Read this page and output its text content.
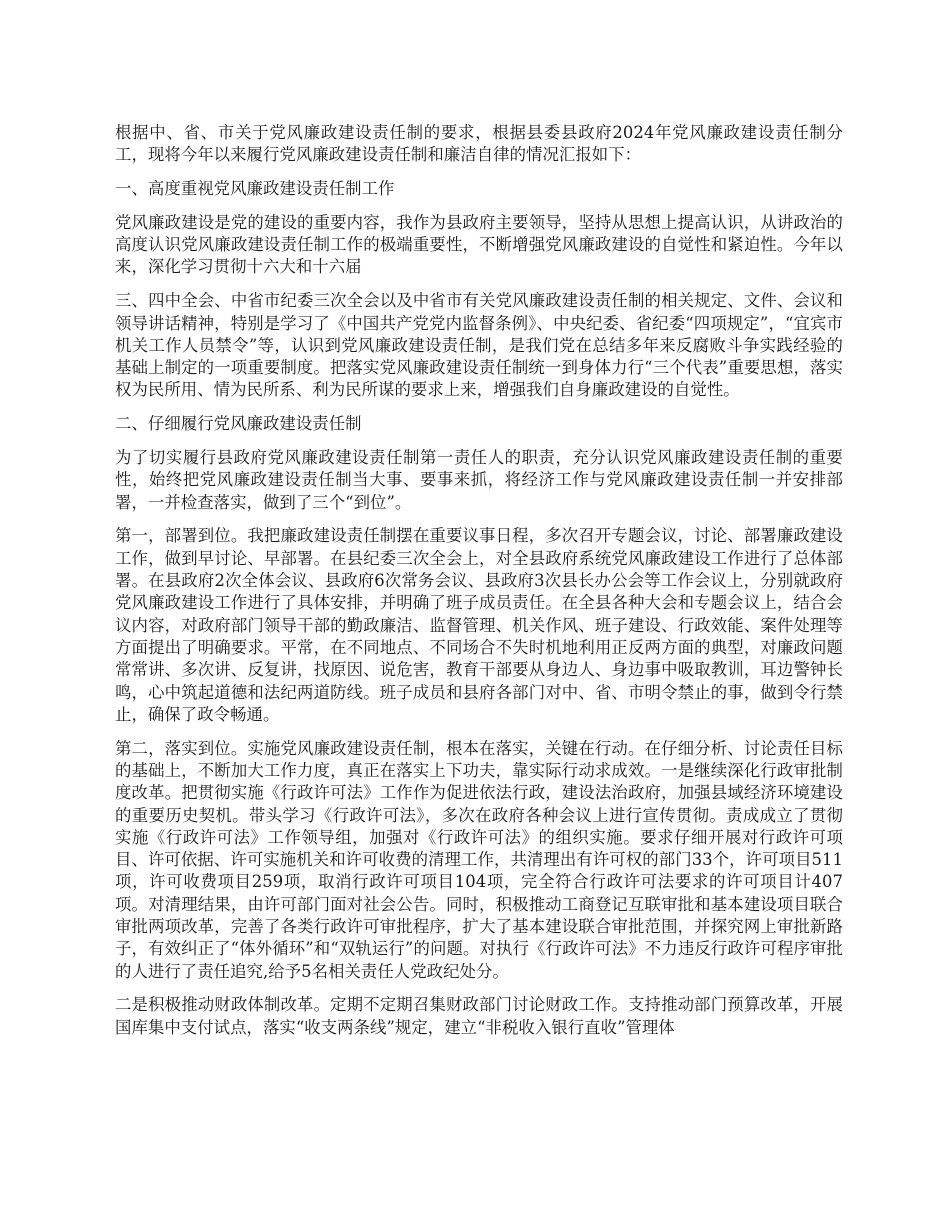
根据中、省、市关于党风廉政建设责任制的要求，根据县委县政府2024年党风廉政建设责任制分工，现将今年以来履行党风廉政建设责任制和廉洁自律的情况汇报如下：

一、高度重视党风廉政建设责任制工作

党风廉政建设是党的建设的重要内容，我作为县政府主要领导，坚持从思想上提高认识，从讲政治的高度认识党风廉政建设责任制工作的极端重要性，不断增强党风廉政建设的自觉性和紧迫性。今年以来，深化学习贯彻十六大和十六届

三、四中全会、中省市纪委三次全会以及中省市有关党风廉政建设责任制的相关规定、文件、会议和领导讲话精神，特别是学习了《中国共产党党内监督条例》、中央纪委、省纪委“四项规定”，“宜宾市机关工作人员禁令”等，认识到党风廉政建设责任制，是我们党在总结多年来反腐败斗争实践经验的基础上制定的一项重要制度。把落实党风廉政建设责任制统一到身体力行“三个代表”重要思想，落实权为民所用、情为民所系、利为民所谋的要求上来，增强我们自身廉政建设的自觉性。

二、仔细履行党风廉政建设责任制

为了切实履行县政府党风廉政建设责任制第一责任人的职责，充分认识党风廉政建设责任制的重要性，始终把党风廉政建设责任制当大事、要事来抓，将经济工作与党风廉政建设责任制一并安排部署，一并检查落实，做到了三个“到位”。

第一，部署到位。我把廉政建设责任制摆在重要议事日程，多次召开专题会议，讨论、部署廉政建设工作，做到早讨论、早部署。在县纪委三次全会上，对全县政府系统党风廉政建设工作进行了总体部署。在县政府2次全体会议、县政府6次常务会议、县政府3次县长办公会等工作会议上，分别就政府党风廉政建设工作进行了具体安排，并明确了班子成员责任。在全县各种大会和专题会议上，结合会议内容，对政府部门领导干部的勤政廉洁、监督管理、机关作风、班子建设、行政效能、案件处理等方面提出了明确要求。平常，在不同地点、不同场合不失时机地利用正反两方面的典型，对廉政问题常常讲、多次讲、反复讲，找原因、说危害，教育干部要从身边人、身边事中吸取教训，耳边警钟长鸣，心中筑起道德和法纪两道防线。班子成员和县府各部门对中、省、市明令禁止的事，做到令行禁止，确保了政令畅通。

第二，落实到位。实施党风廉政建设责任制，根本在落实，关键在行动。在仔细分析、讨论责任目标的基础上，不断加大工作力度，真正在落实上下功夫，靠实际行动求成效。一是继续深化行政审批制度改革。把贯彻实施《行政许可法》工作作为促进依法行政，建设法治政府，加强县域经济环境建设的重要历史契机。带头学习《行政许可法》，多次在政府各种会议上进行宣传贯彻。责成成立了贯彻实施《行政许可法》工作领导组，加强对《行政许可法》的组织实施。要求仔细开展对行政许可项目、许可依据、许可实施机关和许可收费的清理工作，共清理出有许可权的部门33个，许可项目511项，许可收费项目259项，取消行政许可项目104项，完全符合行政许可法要求的许可项目计407项。对清理结果，由许可部门面对社会公告。同时，积极推动工商登记互联审批和基本建设项目联合审批两项改革，完善了各类行政许可审批程序，扩大了基本建设联合审批范围，并探究网上审批新路子，有效纠正了“体外循环”和“双轨运行”的问题。对执行《行政许可法》不力违反行政许可程序审批的人进行了责任追究,给予5名相关责任人党政纪处分。

二是积极推动财政体制改革。定期不定期召集财政部门讨论财政工作。支持推动部门预算改革，开展国库集中支付试点，落实“收支两条线”规定，建立“非税收入银行直收”管理体
